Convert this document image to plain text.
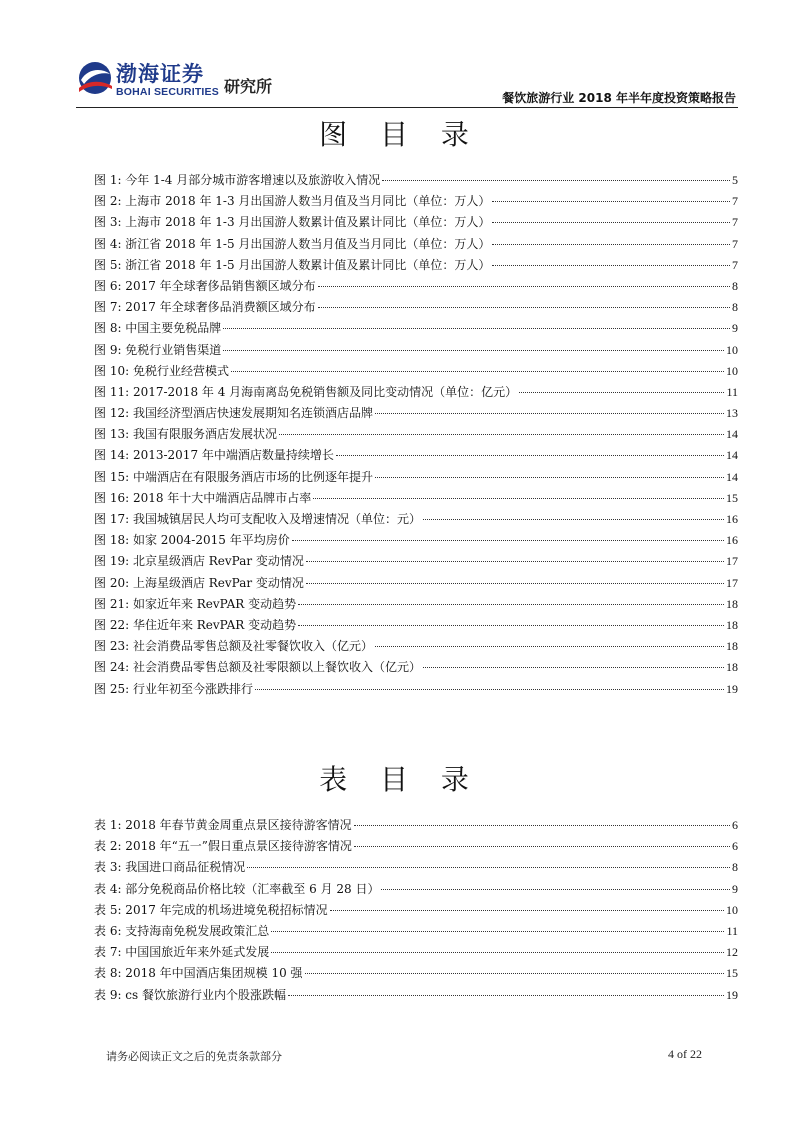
渤海证券
BOHAI SECURITIES 研究所
餐饮旅游行业 2018 年半年度投资策略报告
图 目 录
图 1: 今年 1-4 月部分城市游客增速以及旅游收入情况	5
图 2: 上海市 2018 年 1-3 月出国游人数当月值及当月同比（单位：万人）	7
图 3: 上海市 2018 年 1-3 月出国游人数累计值及累计同比（单位：万人）	7
图 4: 浙江省 2018 年 1-5 月出国游人数当月值及当月同比（单位：万人）	7
图 5: 浙江省 2018 年 1-5 月出国游人数累计值及累计同比（单位：万人）	7
图 6: 2017 年全球奢侈品销售额区域分布	8
图 7: 2017 年全球奢侈品消费额区域分布	8
图 8: 中国主要免税品牌	9
图 9: 免税行业销售渠道	10
图 10: 免税行业经营模式	10
图 11: 2017-2018 年 4 月海南离岛免税销售额及同比变动情况（单位：亿元）	11
图 12: 我国经济型酒店快速发展期知名连锁酒店品牌	13
图 13: 我国有限服务酒店发展状况	14
图 14: 2013-2017 年中端酒店数量持续增长	14
图 15: 中端酒店在有限服务酒店市场的比例逐年提升	14
图 16: 2018 年十大中端酒店品牌市占率	15
图 17: 我国城镇居民人均可支配收入及增速情况（单位：元）	16
图 18: 如家 2004-2015 年平均房价	16
图 19: 北京星级酒店 RevPar 变动情况	17
图 20: 上海星级酒店 RevPar 变动情况	17
图 21: 如家近年来 RevPAR 变动趋势	18
图 22: 华住近年来 RevPAR 变动趋势	18
图 23: 社会消费品零售总额及社零餐饮收入（亿元）	18
图 24: 社会消费品零售总额及社零限额以上餐饮收入（亿元）	18
图 25: 行业年初至今涨跌排行	19
表 目 录
表 1: 2018 年春节黄金周重点景区接待游客情况	6
表 2: 2018 年“五一”假日重点景区接待游客情况	6
表 3: 我国进口商品征税情况	8
表 4: 部分免税商品价格比较（汇率截至 6 月 28 日）	9
表 5: 2017 年完成的机场进境免税招标情况	10
表 6: 支持海南免税发展政策汇总	11
表 7: 中国国旅近年来外延式发展	12
表 8: 2018 年中国酒店集团规模 10 强	15
表 9: cs 餐饮旅游行业内个股涨跌幅	19
请务必阅读正文之后的免责条款部分	4 of 22
